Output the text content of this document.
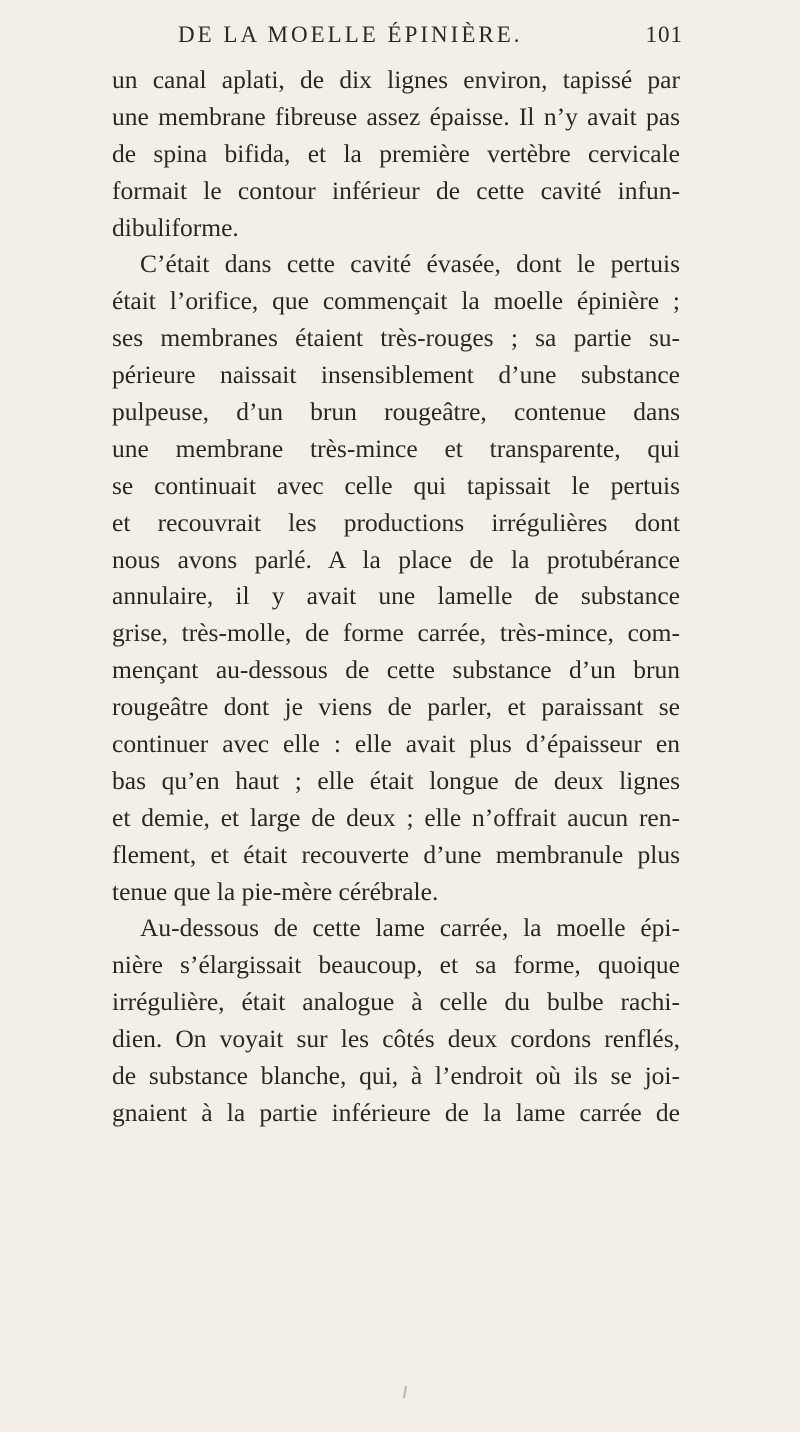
DE LA MOELLE ÉPINIÈRE.	101
un canal aplati, de dix lignes environ, tapissé par
une membrane fibreuse assez épaisse. Il n’y avait pas
de spina bifida, et la première vertèbre cervicale
formait le contour inférieur de cette cavité infun-
dibuliforme.
C’était dans cette cavité évasée, dont le pertuis
était l’orifice, que commençait la moelle épinière ;
ses membranes étaient très-rouges ; sa partie su-
périeure naissait insensiblement d’une substance
pulpeuse, d’un brun rougeâtre, contenue dans
une membrane très-mince et transparente, qui
se continuait avec celle qui tapissait le pertuis
et recouvrait les productions irrégulières dont
nous avons parlé. A la place de la protubérance
annulaire, il y avait une lamelle de substance
grise, très-molle, de forme carrée, très-mince, com-
mençant au-dessous de cette substance d’un brun
rougeâtre dont je viens de parler, et paraissant se
continuer avec elle : elle avait plus d’épaisseur en
bas qu’en haut ; elle était longue de deux lignes
et demie, et large de deux ; elle n’offrait aucun ren-
flement, et était recouverte d’une membranule plus
tenue que la pie-mère cérébrale.
Au-dessous de cette lame carrée, la moelle épi-
nière s’élargissait beaucoup, et sa forme, quoique
irrégulière, était analogue à celle du bulbe rachi-
dien. On voyait sur les côtés deux cordons renflés,
de substance blanche, qui, à l’endroit où ils se joi-
gnaient à la partie inférieure de la lame carrée de
